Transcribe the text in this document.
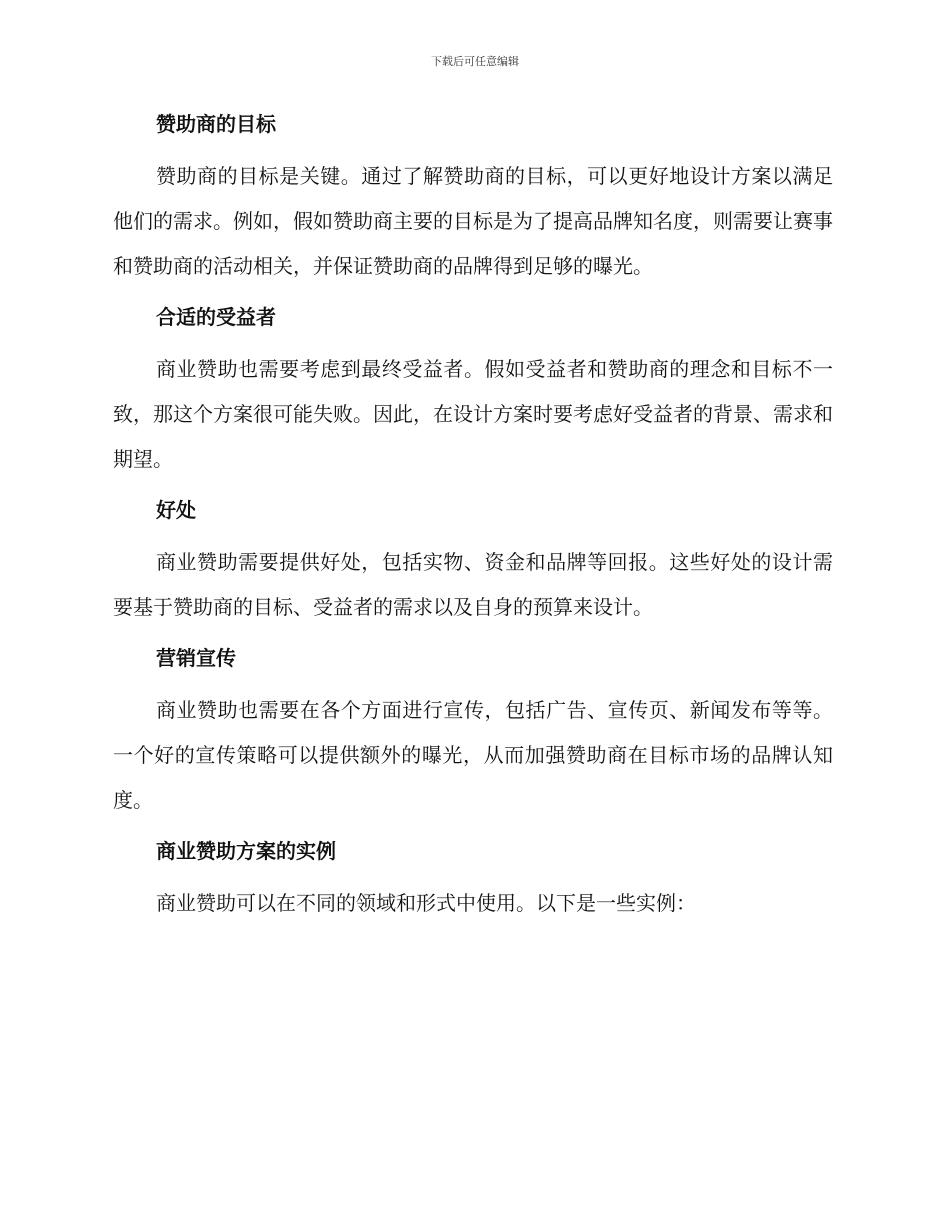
下载后可任意编辑
赞助商的目标

赞助商的目标是关键。通过了解赞助商的目标，可以更好地设计方案以满足他们的需求。例如，假如赞助商主要的目标是为了提高品牌知名度，则需要让赛事和赞助商的活动相关，并保证赞助商的品牌得到足够的曝光。

合适的受益者

商业赞助也需要考虑到最终受益者。假如受益者和赞助商的理念和目标不一致，那这个方案很可能失败。因此，在设计方案时要考虑好受益者的背景、需求和期望。

好处

商业赞助需要提供好处，包括实物、资金和品牌等回报。这些好处的设计需要基于赞助商的目标、受益者的需求以及自身的预算来设计。

营销宣传

商业赞助也需要在各个方面进行宣传，包括广告、宣传页、新闻发布等等。一个好的宣传策略可以提供额外的曝光，从而加强赞助商在目标市场的品牌认知度。

商业赞助方案的实例

商业赞助可以在不同的领域和形式中使用。以下是一些实例：
